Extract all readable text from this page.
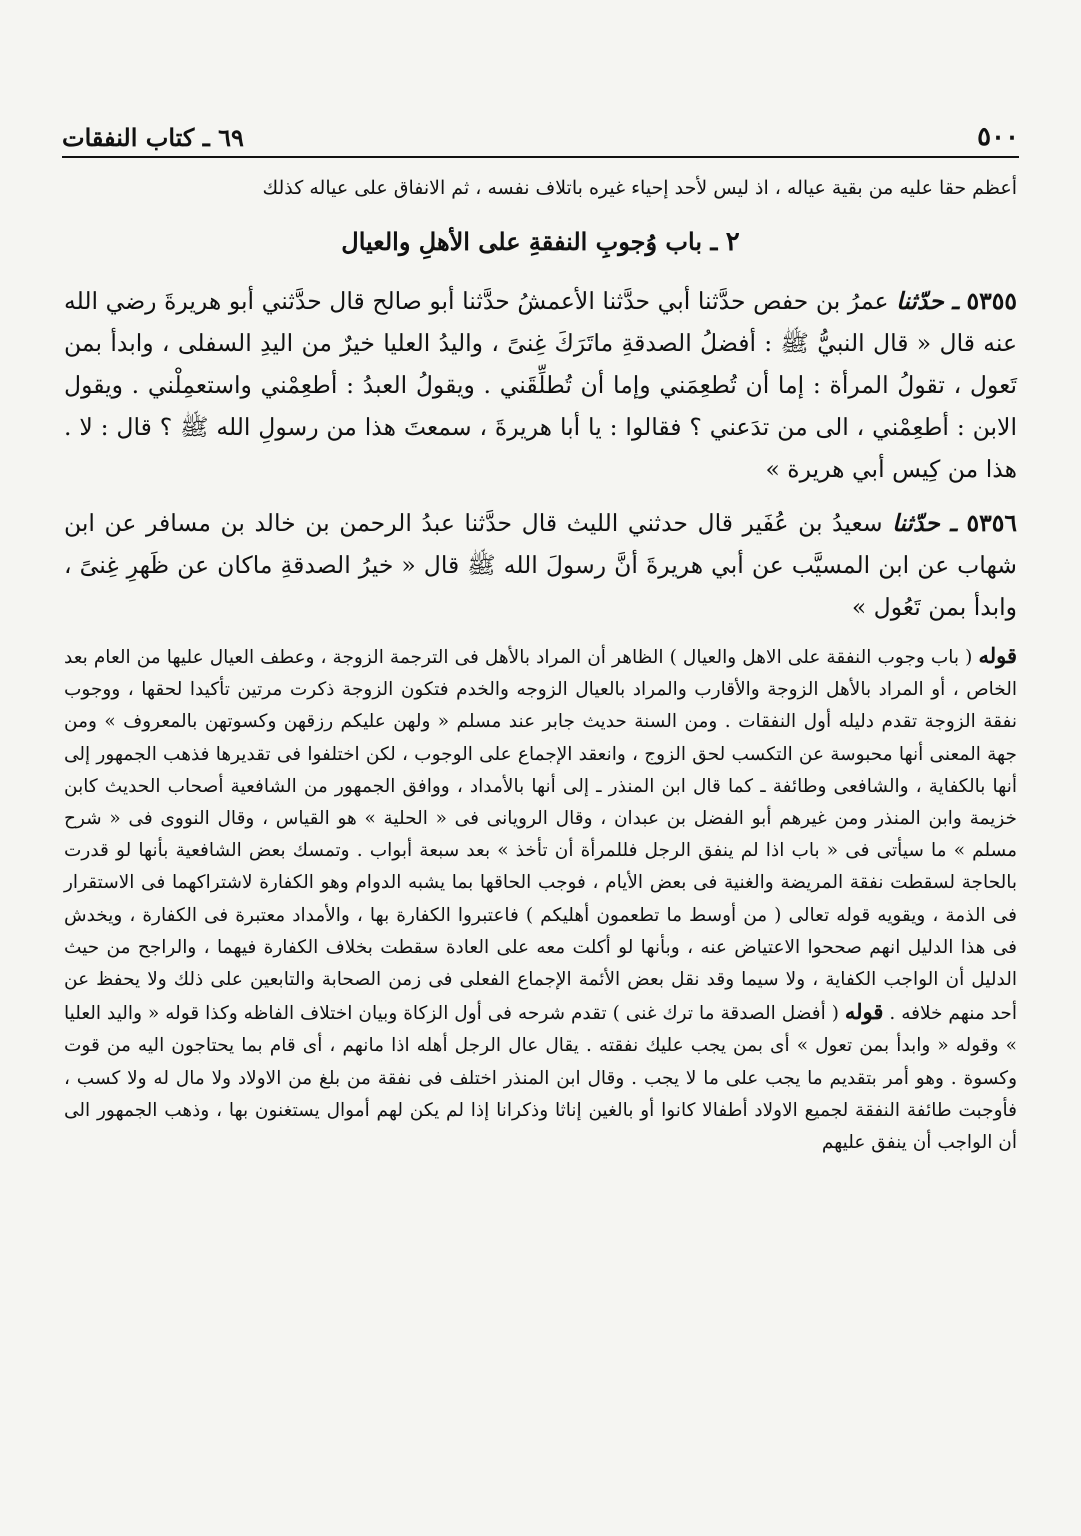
٥٠٠
٦٩ ـ كتاب النفقات

أعظم حقا عليه من بقية عياله ، اذ ليس لأحد إحياء غيره باتلاف نفسه ، ثم الانفاق على عياله كذلك

٢ ـ باب وُجوبِ النفقةِ على الأهلِ والعيال

٥٣٥٥ ـ حدّثنا عمرُ بن حفص حدَّثنا أبي حدَّثنا الأعمشُ حدَّثنا أبو صالح قال حدَّثني أبو هريرةَ رضي الله عنه قال « قال النبيُّ ﷺ : أفضلُ الصدقةِ ماتَرَكَ غِنىً ، واليدُ العليا خيرٌ من اليدِ السفلى ، وابدأ بمن تَعول ، تقولُ المرأة : إما أن تُطعِمَني وإما أن تُطلِّقَني . ويقولُ العبدُ : أطعِمْني واستعمِلْني . ويقول الابن : أطعِمْني ، الى من تدَعني ؟ فقالوا : يا أبا هريرةَ ، سمعتَ هذا من رسولِ الله ﷺ ؟ قال : لا . هذا من كِيس أبي هريرة »

٥٣٥٦ ـ حدّثنا سعيدُ بن عُفَير قال حدثني الليث قال حدَّثنا عبدُ الرحمن بن خالد بن مسافر عن ابن شهاب عن ابن المسيَّب عن أبي هريرةَ أنَّ رسولَ الله ﷺ قال « خيرُ الصدقةِ ماكان عن ظَهرِ غِنىً ، وابدأ بمن تَعُول »

قوله ( باب وجوب النفقة على الاهل والعيال ) الظاهر أن المراد بالأهل فى الترجمة الزوجة ، وعطف العيال عليها من العام بعد الخاص ، أو المراد بالأهل الزوجة والأقارب والمراد بالعيال الزوجه والخدم فتكون الزوجة ذكرت مرتين تأكيدا لحقها ، ووجوب نفقة الزوجة تقدم دليله أول النفقات . ومن السنة حديث جابر عند مسلم « ولهن عليكم رزقهن وكسوتهن بالمعروف » ومن جهة المعنى أنها محبوسة عن التكسب لحق الزوج ، وانعقد الإجماع على الوجوب ، لكن اختلفوا فى تقديرها فذهب الجمهور إلى أنها بالكفاية ، والشافعى وطائفة ـ كما قال ابن المنذر ـ إلى أنها بالأمداد ، ووافق الجمهور من الشافعية أصحاب الحديث كابن خزيمة وابن المنذر ومن غيرهم أبو الفضل بن عبدان ، وقال الرويانى فى « الحلية » هو القياس ، وقال النووى فى « شرح مسلم » ما سيأتى فى « باب اذا لم ينفق الرجل فللمرأة أن تأخذ » بعد سبعة أبواب . وتمسك بعض الشافعية بأنها لو قدرت بالحاجة لسقطت نفقة المريضة والغنية فى بعض الأيام ، فوجب الحاقها بما يشبه الدوام وهو الكفارة لاشتراكهما فى الاستقرار فى الذمة ، ويقويه قوله تعالى ( من أوسط ما تطعمون أهليكم ) فاعتبروا الكفارة بها ، والأمداد معتبرة فى الكفارة ، ويخدش فى هذا الدليل انهم صححوا الاعتياض عنه ، وبأنها لو أكلت معه على العادة سقطت بخلاف الكفارة فيهما ، والراجح من حيث الدليل أن الواجب الكفاية ، ولا سيما وقد نقل بعض الأئمة الإجماع الفعلى فى زمن الصحابة والتابعين على ذلك ولا يحفظ عن أحد منهم خلافه . قوله ( أفضل الصدقة ما ترك غنى ) تقدم شرحه فى أول الزكاة وبيان اختلاف الفاظه وكذا قوله « واليد العليا » وقوله « وابدأ بمن تعول » أى بمن يجب عليك نفقته . يقال عال الرجل أهله اذا مانهم ، أى قام بما يحتاجون اليه من قوت وكسوة . وهو أمر بتقديم ما يجب على ما لا يجب . وقال ابن المنذر اختلف فى نفقة من بلغ من الاولاد ولا مال له ولا كسب ، فأوجبت طائفة النفقة لجميع الاولاد أطفالا كانوا أو بالغين إناثا وذكرانا إذا لم يكن لهم أموال يستغنون بها ، وذهب الجمهور الى أن الواجب أن ينفق عليهم
